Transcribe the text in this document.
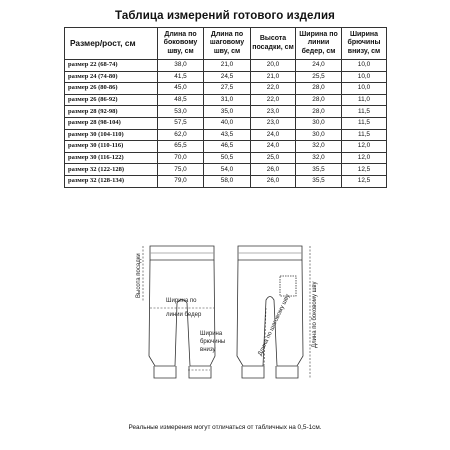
Таблица измерений готового изделия
Размер/рост, см	Длина по боковому шву, см	Длина по шаговому шву, см	Высота посадки, см	Ширина по линии бедер, см	Ширина брючины внизу, см
размер 22 (68-74)	38,0	21,0	20,0	24,0	10,0
размер 24 (74-80)	41,5	24,5	21,0	25,5	10,0
размер 26 (80-86)	45,0	27,5	22,0	28,0	10,0
размер 26 (86-92)	48,5	31,0	22,0	28,0	11,0
размер 28 (92-98)	53,0	35,0	23,0	28,0	11,5
размер 28 (98-104)	57,5	40,0	23,0	30,0	11,5
размер 30 (104-110)	62,0	43,5	24,0	30,0	11,5
размер 30 (110-116)	65,5	46,5	24,0	32,0	12,0
размер 30 (116-122)	70,0	50,5	25,0	32,0	12,0
размер 32 (122-128)	75,0	54,0	26,0	35,5	12,5
размер 32 (128-134)	79,0	58,0	26,0	35,5	12,5
Высота посадки
Ширина по
линии бедер
Ширина
брючины
внизу	Длина по шаговому шву	Длина по боковому шву
Реальные измерения могут отличаться от табличных на 0,5-1см.
